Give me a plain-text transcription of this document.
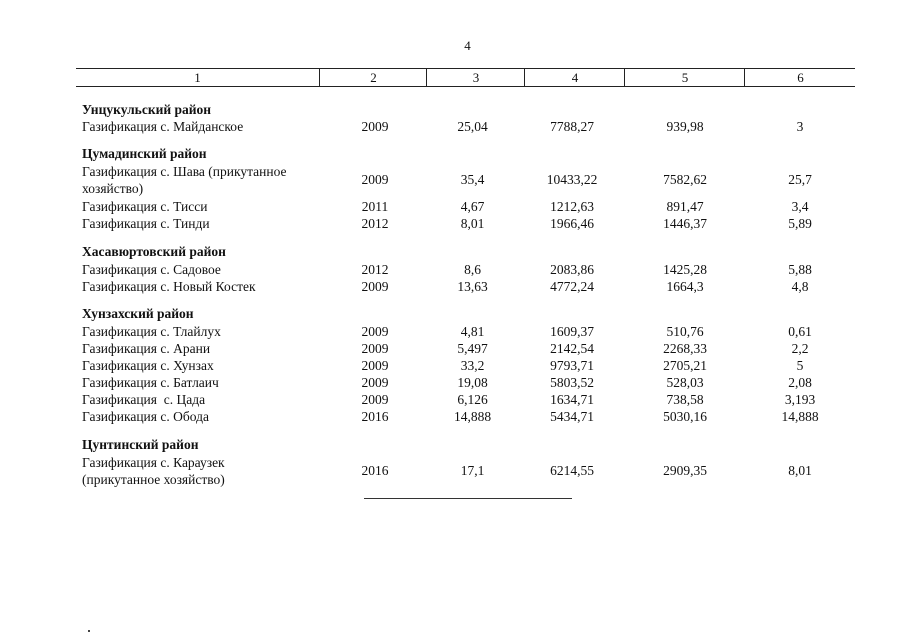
4
1	2	3	4	5	6
Унцукульский район
Газификация с. Майданское	2009	25,04	7788,27	939,98	3
Цумадинский район
Газификация с. Шава (прикутанное хозяйство)
2009	35,4	10433,22	7582,62	25,7
Газификация с. Тисси	2011	4,67	1212,63	891,47	3,4
Газификация с. Тинди	2012	8,01	1966,46	1446,37	5,89
Хасавюртовский район
Газификация с. Садовое	2012	8,6	2083,86	1425,28	5,88
Газификация с. Новый Костек	2009	13,63	4772,24	1664,3	4,8
Хунзахский район
Газификация с. Тлайлух	2009	4,81	1609,37	510,76	0,61
Газификация с. Арани	2009	5,497	2142,54	2268,33	2,2
Газификация с. Хунзах	2009	33,2	9793,71	2705,21	5
Газификация с. Батлаич	2009	19,08	5803,52	528,03	2,08
Газификация  с. Цада	2009	6,126	1634,71	738,58	3,193
Газификация с. Обода	2016	14,888	5434,71	5030,16	14,888
Цунтинский район
Газификация с. Караузек (прикутанное хозяйство)
2016	17,1	6214,55	2909,35	8,01
